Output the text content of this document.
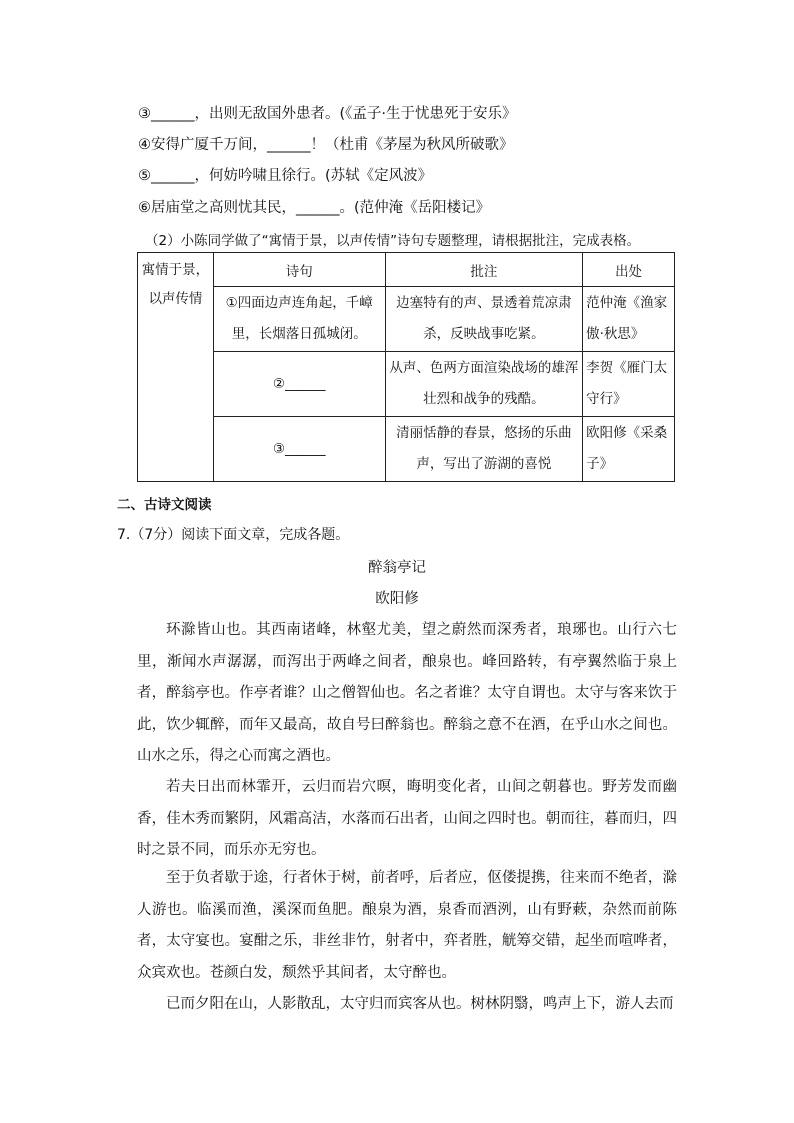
③______，出则无敌国外患者。(《孟子·生于忧患死于安乐》
④安得广厦千万间，______！（杜甫《茅屋为秋风所破歌》
⑤______，何妨吟啸且徐行。(苏轼《定风波》
⑥居庙堂之高则忧其民，______。(范仲淹《岳阳楼记》
（2）小陈同学做了“寓情于景，以声传情”诗句专题整理，请根据批注，完成表格。
寓情于景，以声传情	诗句	批注	出处
	①四面边声连角起，千嶂里，长烟落日孤城闭。	边塞特有的声、景透着荒凉肃杀，反映战事吃紧。	范仲淹《渔家傲·秋思》
	②______	从声、色两方面渲染战场的雄浑壮烈和战争的残酷。	李贺《雁门太守行》
	③______	清丽恬静的春景，悠扬的乐曲声，写出了游湖的喜悦	欧阳修《采桑子》
二、古诗文阅读
7.（7分）阅读下面文章，完成各题。
醉翁亭记
欧阳修

环滁皆山也。其西南诸峰，林壑尤美，望之蔚然而深秀者，琅琊也。山行六七里，渐闻水声潺潺，而泻出于两峰之间者，酿泉也。峰回路转，有亭翼然临于泉上者，醉翁亭也。作亭者谁？山之僧智仙也。名之者谁？太守自谓也。太守与客来饮于此，饮少辄醉，而年又最高，故自号曰醉翁也。醉翁之意不在酒，在乎山水之间也。山水之乐，得之心而寓之酒也。

若夫日出而林霏开，云归而岩穴暝，晦明变化者，山间之朝暮也。野芳发而幽香，佳木秀而繁阴，风霜高洁，水落而石出者，山间之四时也。朝而往，暮而归，四时之景不同，而乐亦无穷也。

至于负者歇于途，行者休于树，前者呼，后者应，伛偻提携，往来而不绝者，滁人游也。临溪而渔，溪深而鱼肥。酿泉为酒，泉香而酒洌，山有野蔌，杂然而前陈者，太守宴也。宴酣之乐，非丝非竹，射者中，弈者胜，觥筹交错，起坐而喧哗者，众宾欢也。苍颜白发，颓然乎其间者，太守醉也。

已而夕阳在山，人影散乱，太守归而宾客从也。树林阴翳，鸣声上下，游人去而
